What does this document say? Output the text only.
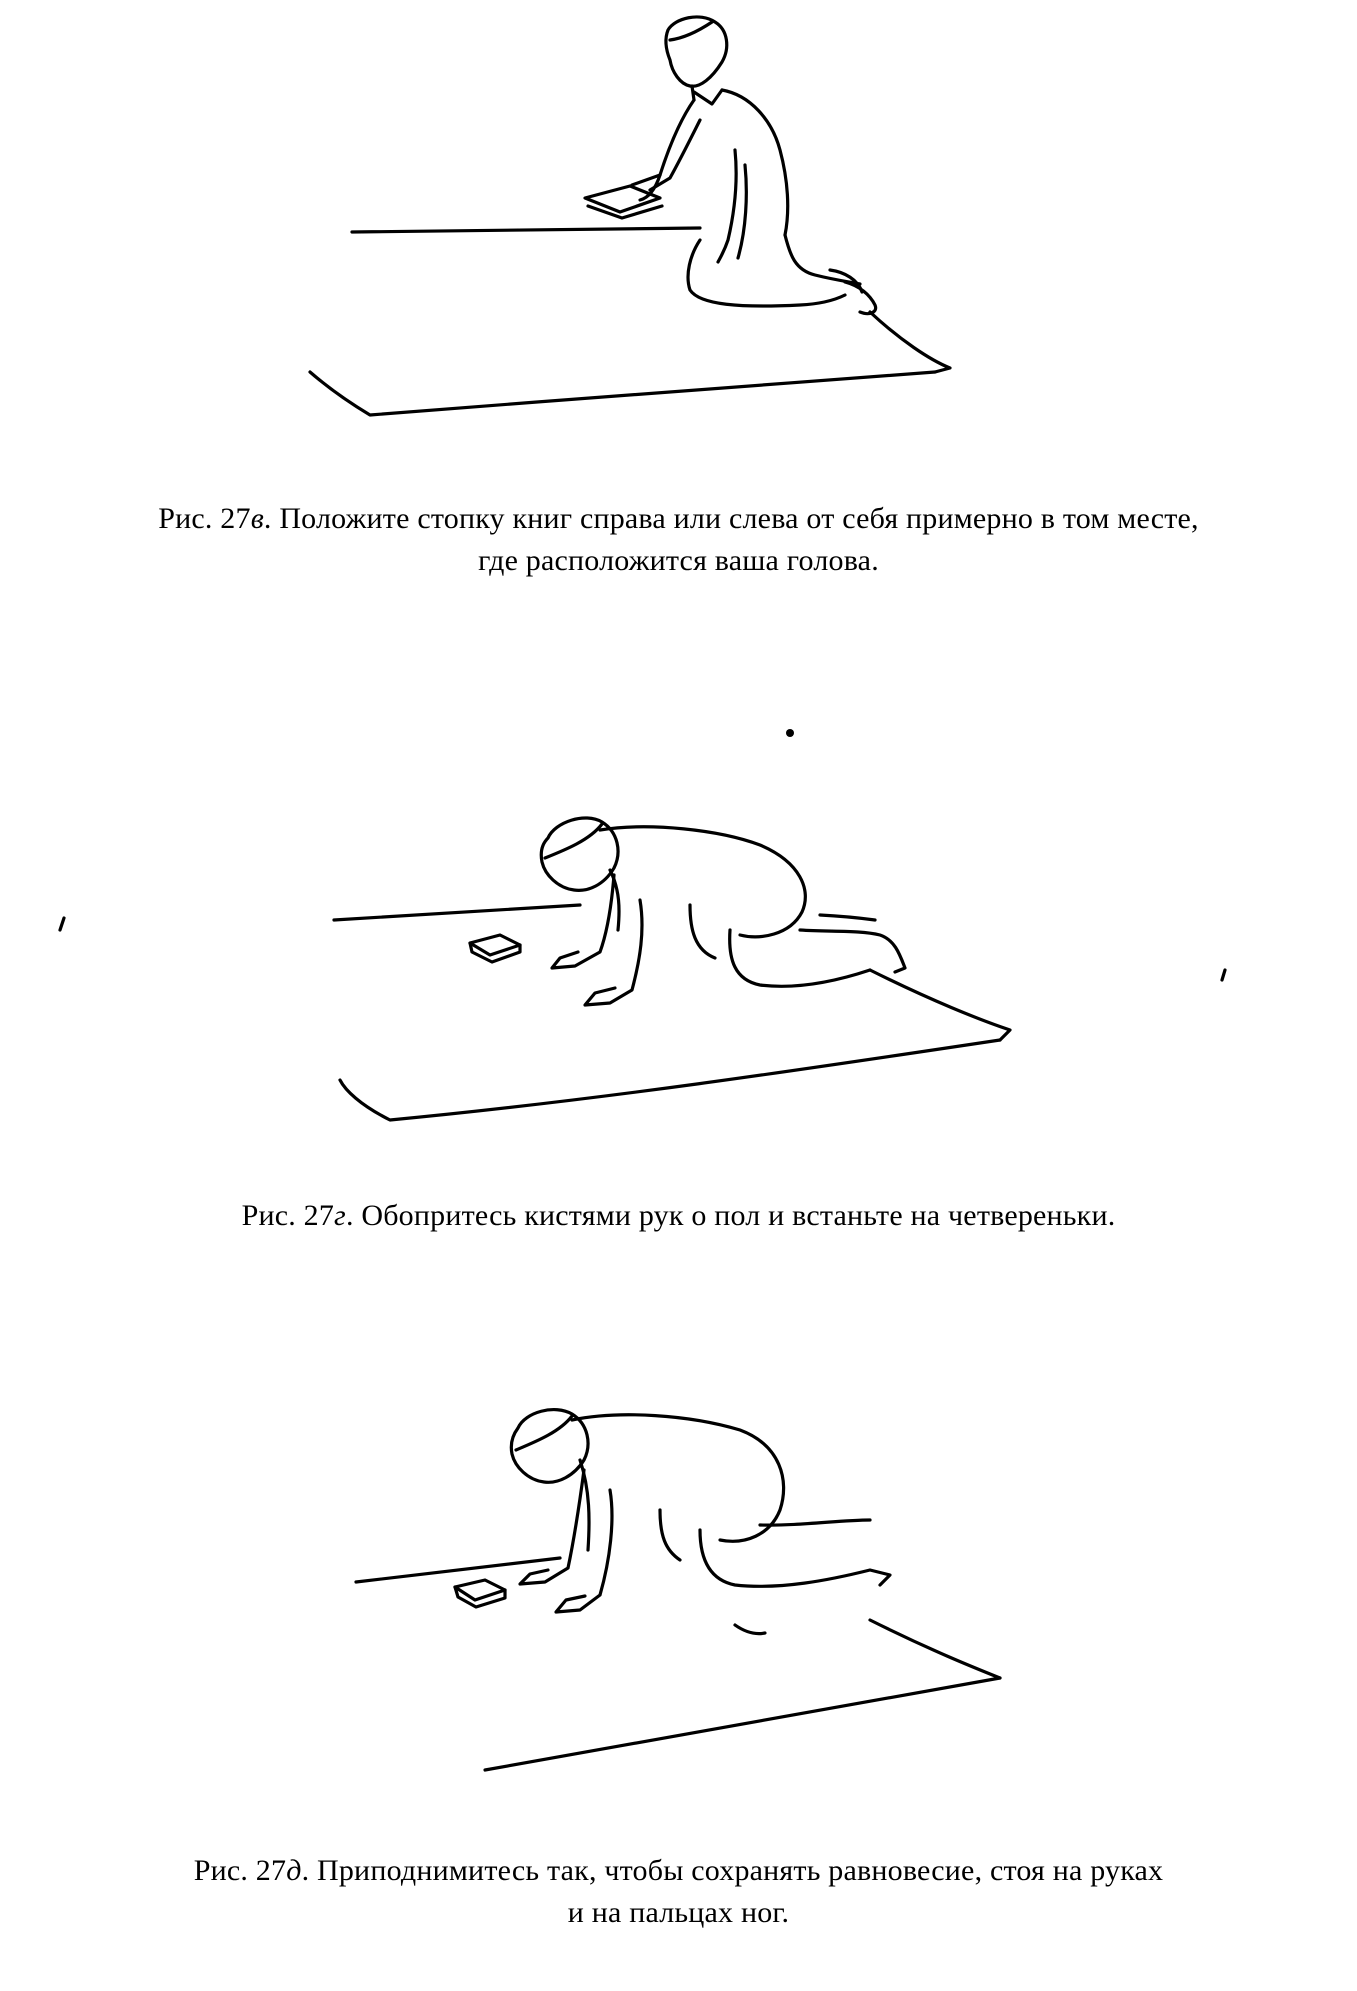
Рис. 27в. Положите стопку книг справа или слева от себя примерно в том месте,
где расположится ваша голова.
Рис. 27г. Обопритесь кистями рук о пол и встаньте на четвереньки.
Рис. 27д. Приподнимитесь так, чтобы сохранять равновесие, стоя на руках
и на пальцах ног.
